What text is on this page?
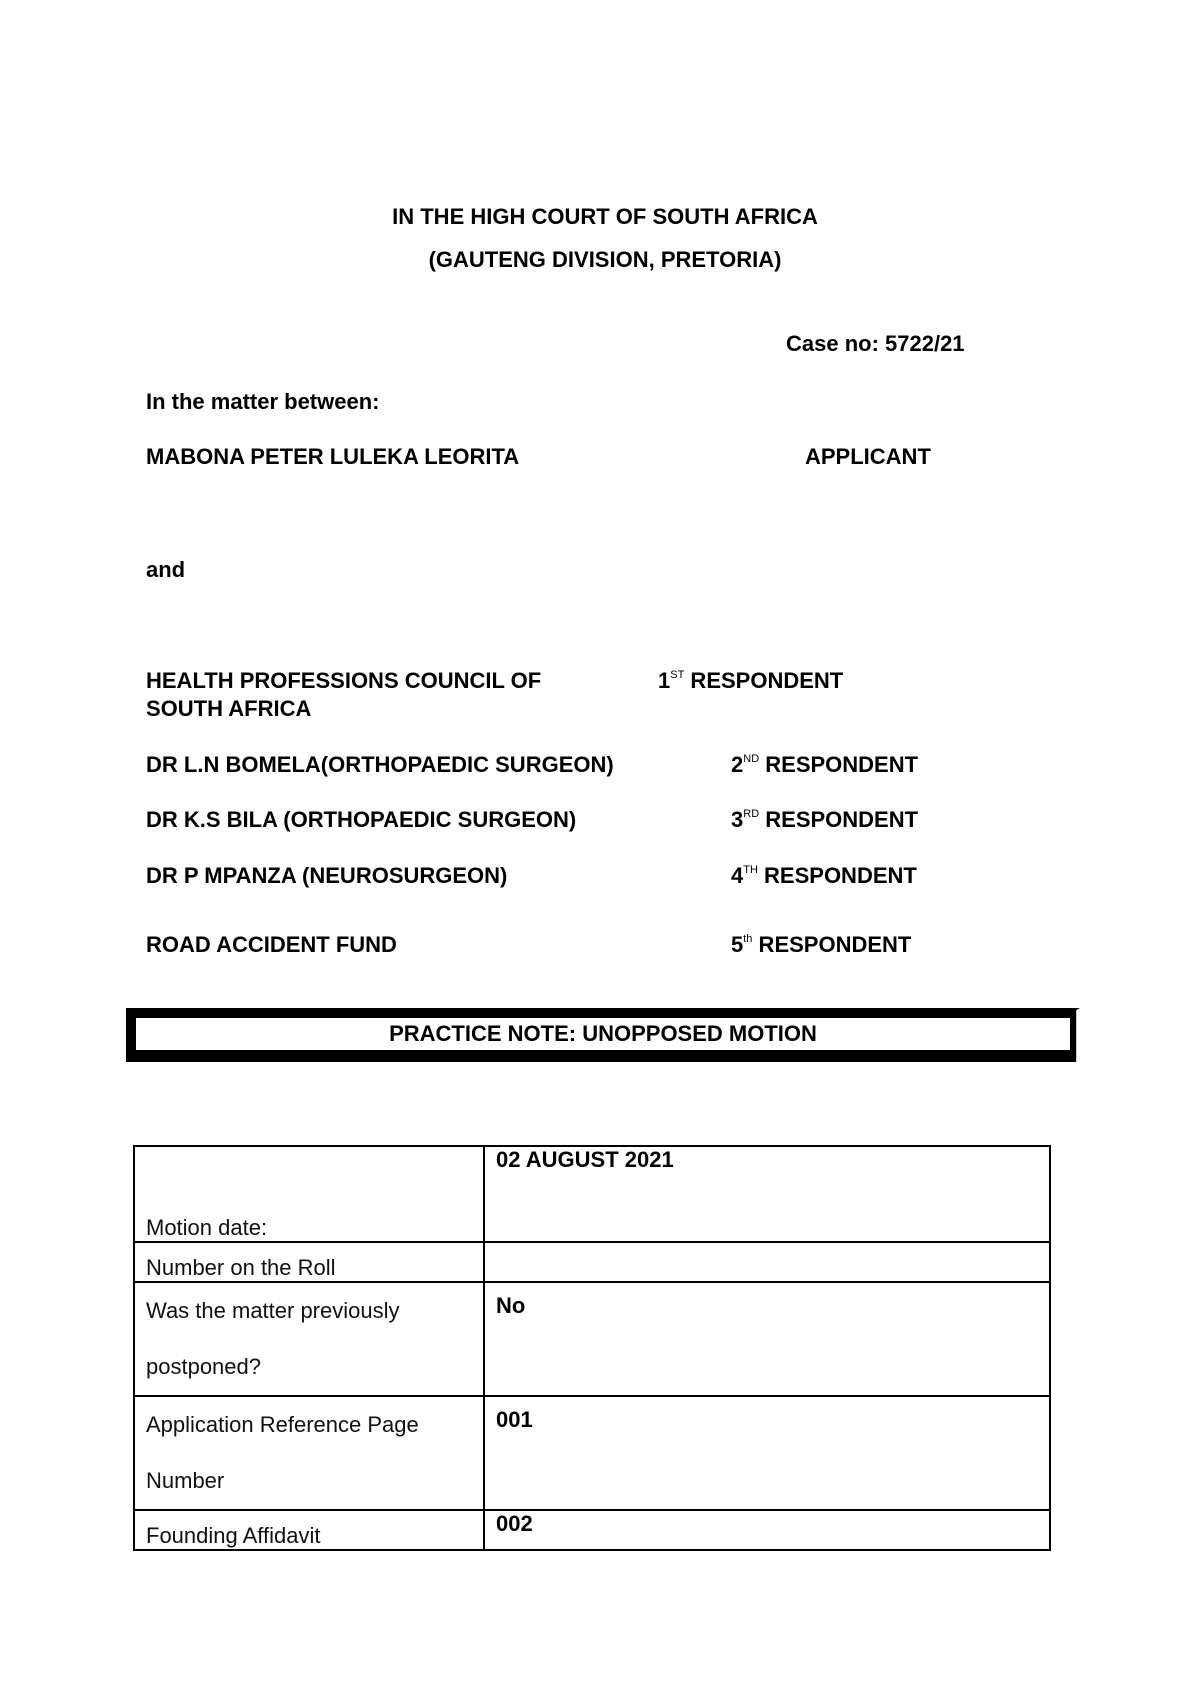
IN THE HIGH COURT OF SOUTH AFRICA
(GAUTENG DIVISION, PRETORIA)
Case no: 5722/21
In the matter between:
MABONA PETER LULEKA LEORITA	APPLICANT
and
HEALTH PROFESSIONS COUNCIL OF
SOUTH AFRICA
1ST RESPONDENT
DR L.N BOMELA(ORTHOPAEDIC SURGEON)	2ND RESPONDENT
DR K.S BILA (ORTHOPAEDIC SURGEON)	3RD RESPONDENT
DR P MPANZA (NEUROSURGEON)	4TH RESPONDENT
ROAD ACCIDENT FUND	5th RESPONDENT
PRACTICE NOTE: UNOPPOSED MOTION
Motion date:	02 AUGUST 2021
Number on the Roll	

Was the matter previously
postponed?	No

Application Reference Page
Number	001
Founding Affidavit	002
